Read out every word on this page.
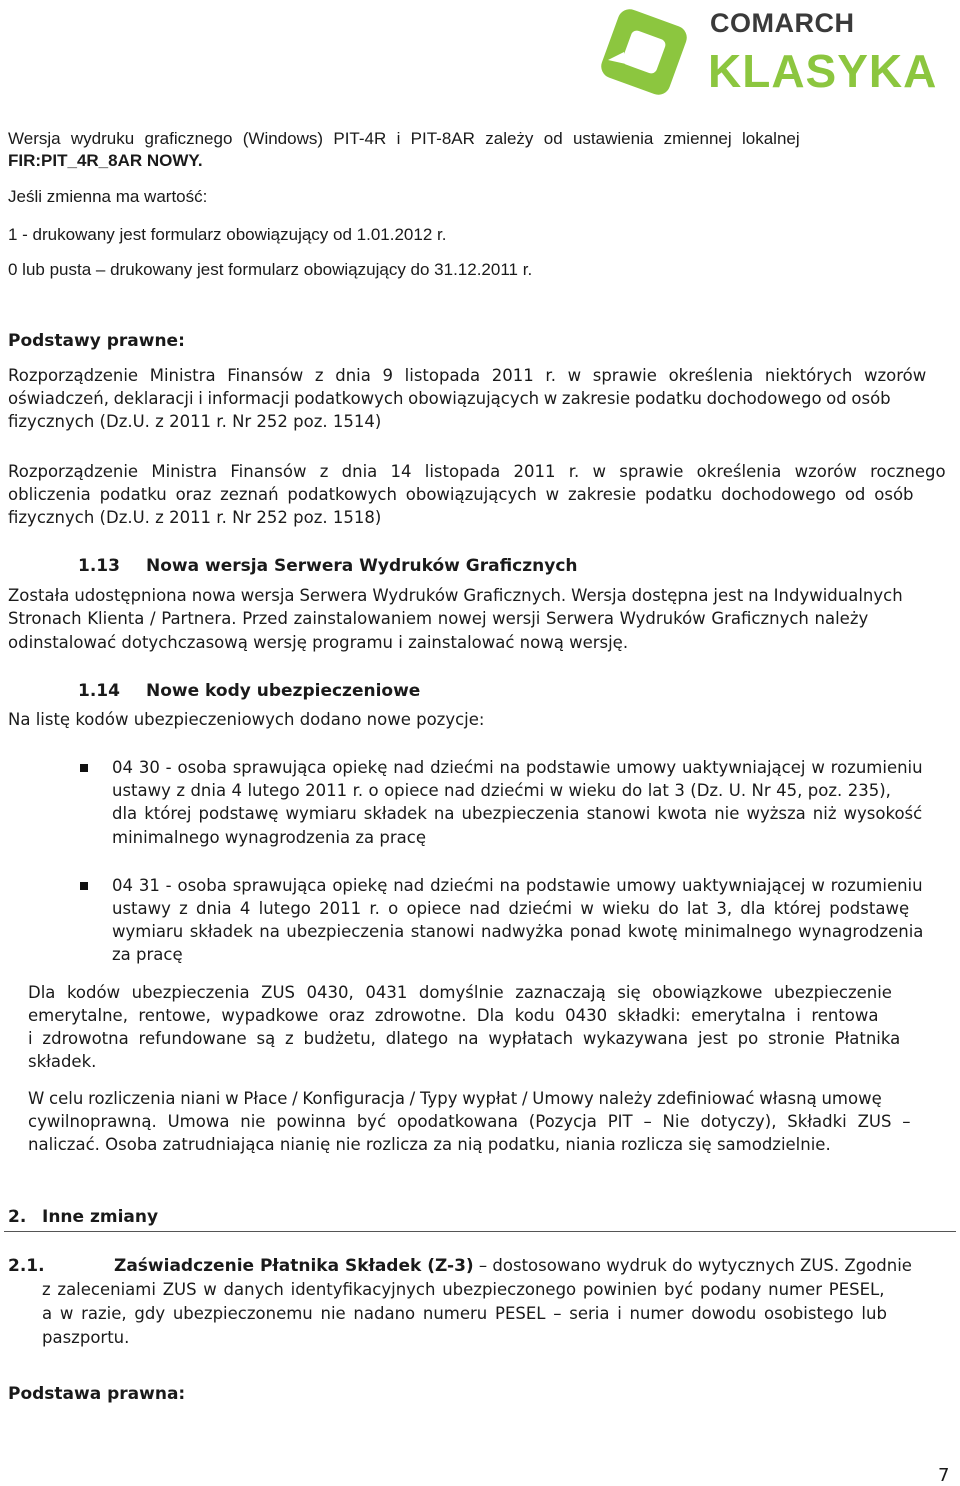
COMARCH
KLASYKA
Wersja wydruku graficznego (Windows) PIT-4R i PIT-8AR zależy od ustawienia zmiennej lokalnej
FIR:PIT_4R_8AR NOWY.
Jeśli zmienna ma wartość:
1 - drukowany jest formularz obowiązujący od 1.01.2012 r.
0 lub pusta – drukowany jest formularz obowiązujący do 31.12.2011 r.
Podstawy prawne:
Rozporządzenie Ministra Finansów z dnia 9 listopada 2011 r. w sprawie określenia niektórych wzorów
oświadczeń, deklaracji i informacji podatkowych obowiązujących w zakresie podatku dochodowego od osób
fizycznych (Dz.U. z 2011 r. Nr 252 poz. 1514)
Rozporządzenie Ministra Finansów z dnia 14 listopada 2011 r. w sprawie określenia wzorów rocznego
obliczenia podatku oraz zeznań podatkowych obowiązujących w zakresie podatku dochodowego od osób
fizycznych (Dz.U. z 2011 r. Nr 252 poz. 1518)
1.13 Nowa wersja Serwera Wydruków Graficznych
Została udostępniona nowa wersja Serwera Wydruków Graficznych. Wersja dostępna jest na Indywidualnych
Stronach Klienta / Partnera. Przed zainstalowaniem nowej wersji Serwera Wydruków Graficznych należy
odinstalować dotychczasową wersję programu i zainstalować nową wersję.
1.14 Nowe kody ubezpieczeniowe
Na listę kodów ubezpieczeniowych dodano nowe pozycje:
04 30 - osoba sprawująca opiekę nad dziećmi na podstawie umowy uaktywniającej w rozumieniu
ustawy z dnia 4 lutego 2011 r. o opiece nad dziećmi w wieku do lat 3 (Dz. U. Nr 45, poz. 235),
dla której podstawę wymiaru składek na ubezpieczenia stanowi kwota nie wyższa niż wysokość
minimalnego wynagrodzenia za pracę
04 31 - osoba sprawująca opiekę nad dziećmi na podstawie umowy uaktywniającej w rozumieniu
ustawy z dnia 4 lutego 2011 r. o opiece nad dziećmi w wieku do lat 3, dla której podstawę
wymiaru składek na ubezpieczenia stanowi nadwyżka ponad kwotę minimalnego wynagrodzenia
za pracę
Dla kodów ubezpieczenia ZUS 0430, 0431 domyślnie zaznaczają się obowiązkowe ubezpieczenie
emerytalne, rentowe, wypadkowe oraz zdrowotne. Dla kodu 0430 składki: emerytalna i rentowa
i zdrowotna refundowane są z budżetu, dlatego na wypłatach wykazywana jest po stronie Płatnika
składek.
W celu rozliczenia niani w Płace / Konfiguracja / Typy wypłat / Umowy należy zdefiniować własną umowę
cywilnoprawną. Umowa nie powinna być opodatkowana (Pozycja PIT – Nie dotyczy), Składki ZUS –
naliczać. Osoba zatrudniająca nianię nie rozlicza za nią podatku, niania rozlicza się samodzielnie.
2. Inne zmiany
2.1.	Zaświadczenie Płatnika Składek (Z-3) – dostosowano wydruk do wytycznych ZUS. Zgodnie
z zaleceniami ZUS w danych identyfikacyjnych ubezpieczonego powinien być podany numer PESEL,
a w razie, gdy ubezpieczonemu nie nadano numeru PESEL – seria i numer dowodu osobistego lub
paszportu.
Podstawa prawna:
7
